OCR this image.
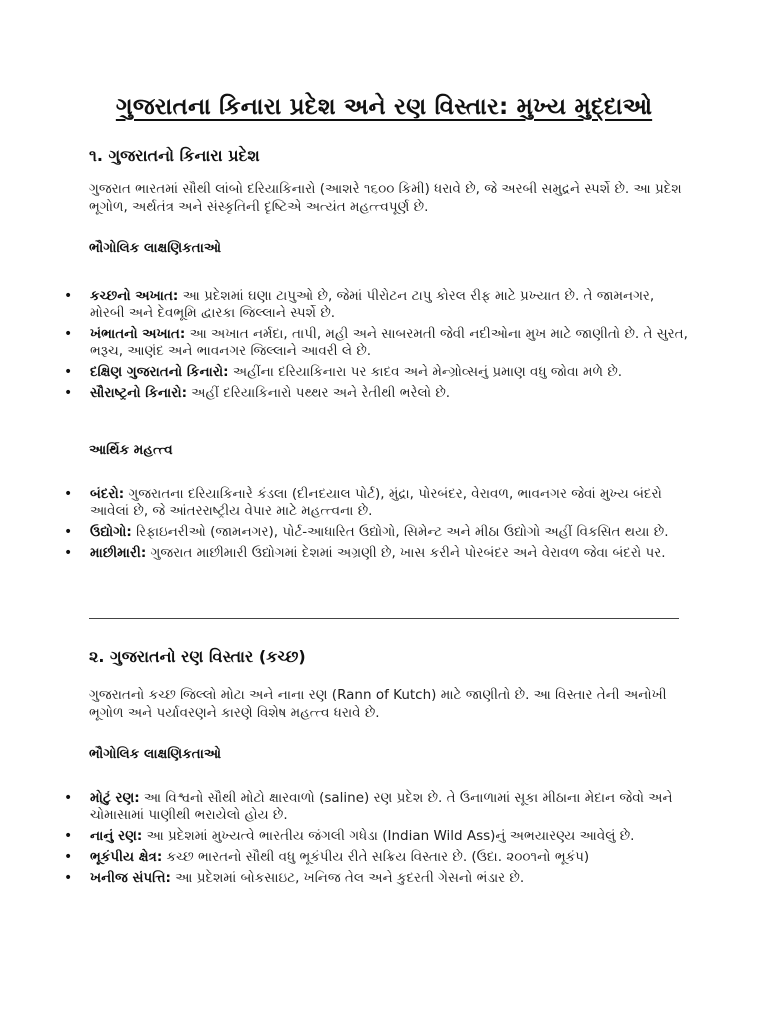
ગુજરાતના કિનારા પ્રદેશ અને રણ વિસ્તાર: મુખ્ય મુદ્દાઓ
૧. ગુજરાતનો કિનારા પ્રદેશ

ગુજરાત ભારતમાં સૌથી લાંબો દરિયાકિનારો (આશરે ૧૬૦૦ કિમી) ધરાવે છે, જે અરબી સમુદ્રને સ્પર્શે છે. આ પ્રદેશ ભૂગોળ, અર્થતંત્ર અને સંસ્કૃતિની દૃષ્ટિએ અત્યંત મહત્ત્વપૂર્ણ છે.

ભૌગોલિક લાક્ષણિકતાઓ
• કચ્છનો અખાત: આ પ્રદેશમાં ઘણા ટાપુઓ છે, જેમાં પીરોટન ટાપુ કોરલ રીફ માટે પ્રખ્યાત છે. તે જામનગર, મોરબી અને દેવભૂમિ દ્વારકા જિલ્લાને સ્પર્શે છે.
• ખંભાતનો અખાત: આ અખાત નર્મદા, તાપી, મહી અને સાબરમતી જેવી નદીઓના મુખ માટે જાણીતો છે. તે સુરત, ભરૂચ, આણંદ અને ભાવનગર જિલ્લાને આવરી લે છે.
• દક્ષિણ ગુજરાતનો કિનારો: અહીંના દરિયાકિનારા પર કાદવ અને મેન્ગ્રોવ્સનું પ્રમાણ વધુ જોવા મળે છે.
• સૌરાષ્ટ્રનો કિનારો: અહીં દરિયાકિનારો પથ્થર અને રેતીથી ભરેલો છે.
આર્થિક મહત્ત્વ
• બંદરો: ગુજરાતના દરિયાકિનારે કંડલા (દીનદયાલ પોર્ટ), મુંદ્રા, પોરબંદર, વેરાવળ, ભાવનગર જેવાં મુખ્ય બંદરો આવેલાં છે, જે આંતરરાષ્ટ્રીય વેપાર માટે મહત્ત્વના છે.
• ઉદ્યોગો: રિફાઇનરીઓ (જામનગર), પોર્ટ-આધારિત ઉદ્યોગો, સિમેન્ટ અને મીઠા ઉદ્યોગો અહીં વિકસિત થયા છે.
• માછીમારી: ગુજરાત માછીમારી ઉદ્યોગમાં દેશમાં અગ્રણી છે, ખાસ કરીને પોરબંદર અને વેરાવળ જેવા બંદરો પર.
૨. ગુજરાતનો રણ વિસ્તાર (કચ્છ)

ગુજરાતનો કચ્છ જિલ્લો મોટા અને નાના રણ (Rann of Kutch) માટે જાણીતો છે. આ વિસ્તાર તેની અનોખી ભૂગોળ અને પર્યાવરણને કારણે વિશેષ મહત્ત્વ ધરાવે છે.

ભૌગોલિક લાક્ષણિકતાઓ
• મોટું રણ: આ વિશ્વનો સૌથી મોટો ક્ષારવાળો (saline) રણ પ્રદેશ છે. તે ઉનાળામાં સૂકા મીઠાના મેદાન જેવો અને ચોમાસામાં પાણીથી ભરાયેલો હોય છે.
• નાનું રણ: આ પ્રદેશમાં મુખ્યત્વે ભારતીય જંગલી ગધેડા (Indian Wild Ass)નું અભયારણ્ય આવેલું છે.
• ભૂકંપીય ક્ષેત્ર: કચ્છ ભારતનો સૌથી વધુ ભૂકંપીય રીતે સક્રિય વિસ્તાર છે. (ઉદા. ૨૦૦૧નો ભૂકંપ)
• ખનીજ સંપત્તિ: આ પ્રદેશમાં બોકસાઇટ, ખનિજ તેલ અને કુદરતી ગેસનો ભંડાર છે.
